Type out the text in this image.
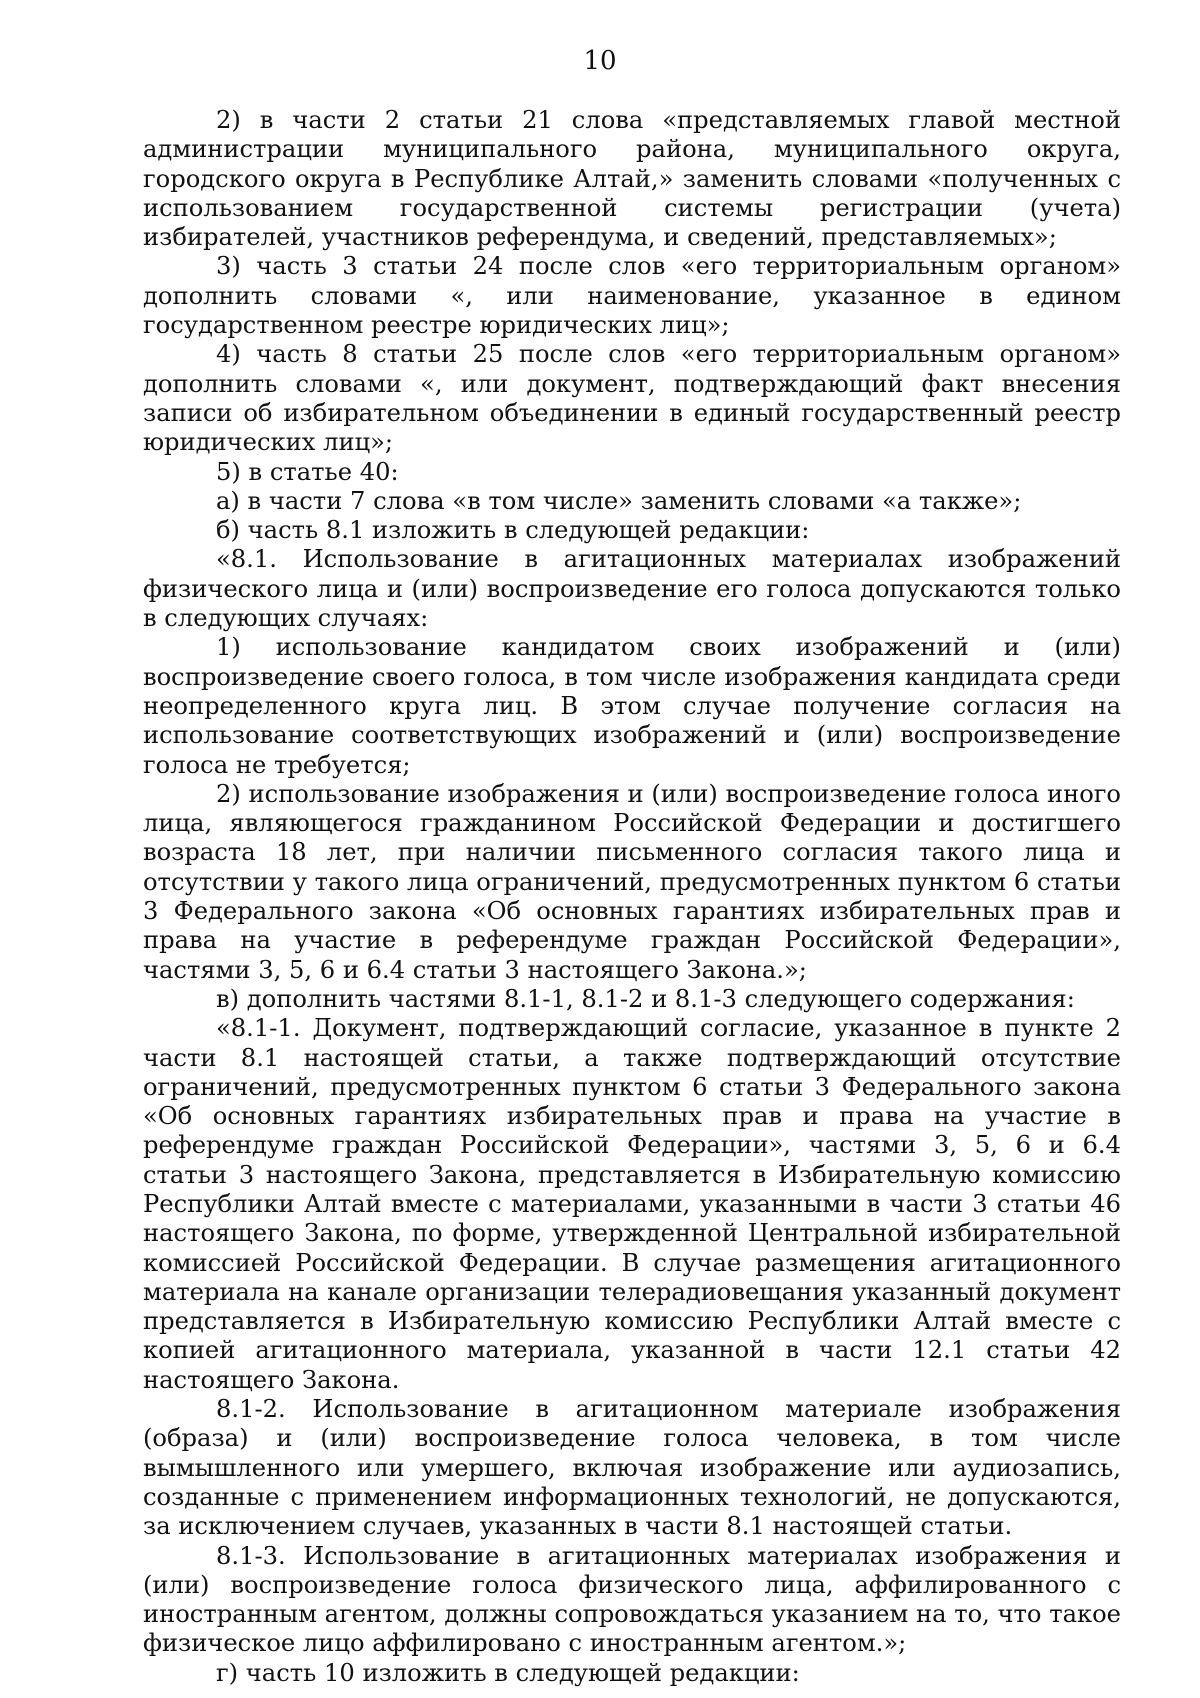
10

2) в части 2 статьи 21 слова «представляемых главой местной администрации муниципального района, муниципального округа, городского округа в Республике Алтай,» заменить словами «полученных с использованием государственной системы регистрации (учета) избирателей, участников референдума, и сведений, представляемых»;

3) часть 3 статьи 24 после слов «его территориальным органом» дополнить словами «, или наименование, указанное в едином государственном реестре юридических лиц»;

4) часть 8 статьи 25 после слов «его территориальным органом» дополнить словами «, или документ, подтверждающий факт внесения записи об избирательном объединении в единый государственный реестр юридических лиц»;

5) в статье 40:

а) в части 7 слова «в том числе» заменить словами «а также»;

б) часть 8.1 изложить в следующей редакции:

«8.1. Использование в агитационных материалах изображений физического лица и (или) воспроизведение его голоса допускаются только в следующих случаях:

1) использование кандидатом своих изображений и (или) воспроизведение своего голоса, в том числе изображения кандидата среди неопределенного круга лиц. В этом случае получение согласия на использование соответствующих изображений и (или) воспроизведение голоса не требуется;

2) использование изображения и (или) воспроизведение голоса иного лица, являющегося гражданином Российской Федерации и достигшего возраста 18 лет, при наличии письменного согласия такого лица и отсутствии у такого лица ограничений, предусмотренных пунктом 6 статьи 3 Федерального закона «Об основных гарантиях избирательных прав и права на участие в референдуме граждан Российской Федерации», частями 3, 5, 6 и 6.4 статьи 3 настоящего Закона.»;

в) дополнить частями 8.1-1, 8.1-2 и 8.1-3 следующего содержания:

«8.1-1. Документ, подтверждающий согласие, указанное в пункте 2 части 8.1 настоящей статьи, а также подтверждающий отсутствие ограничений, предусмотренных пунктом 6 статьи 3 Федерального закона «Об основных гарантиях избирательных прав и права на участие в референдуме граждан Российской Федерации», частями 3, 5, 6 и 6.4 статьи 3 настоящего Закона, представляется в Избирательную комиссию Республики Алтай вместе с материалами, указанными в части 3 статьи 46 настоящего Закона, по форме, утвержденной Центральной избирательной комиссией Российской Федерации. В случае размещения агитационного материала на канале организации телерадиовещания указанный документ представляется в Избирательную комиссию Республики Алтай вместе с копией агитационного материала, указанной в части 12.1 статьи 42 настоящего Закона.

8.1-2. Использование в агитационном материале изображения (образа) и (или) воспроизведение голоса человека, в том числе вымышленного или умершего, включая изображение или аудиозапись, созданные с применением информационных технологий, не допускаются, за исключением случаев, указанных в части 8.1 настоящей статьи.

8.1-3. Использование в агитационных материалах изображения и (или) воспроизведение голоса физического лица, аффилированного с иностранным агентом, должны сопровождаться указанием на то, что такое физическое лицо аффилировано с иностранным агентом.»;

г) часть 10 изложить в следующей редакции:
